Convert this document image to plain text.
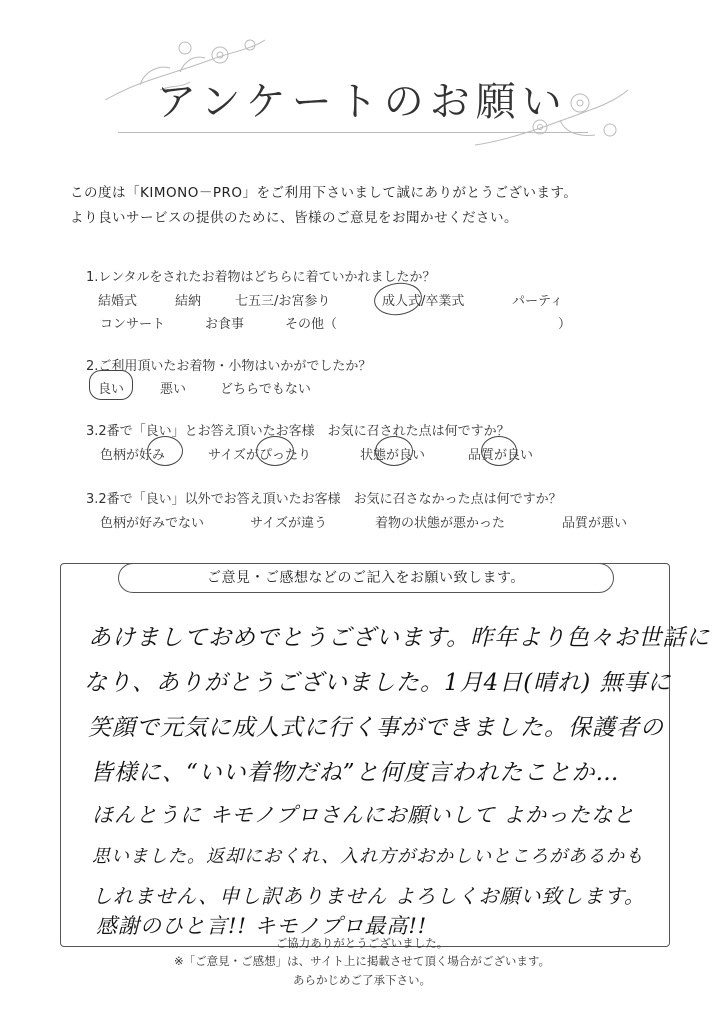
アンケートのお願い
この度は「KIMONO－PRO」をご利用下さいまして誠にありがとうございます。
より良いサービスの提供のために、皆様のご意見をお聞かせください。
1.レンタルをされたお着物はどちらに着ていかれましたか？
結婚式	結納	七五三/お宮参り	成人式/卒業式	パーティ
コンサート	お食事	その他（	）
2.ご利用頂いたお着物・小物はいかがでしたか？
良い	悪い	どちらでもない
3.2番で「良い」とお答え頂いたお客様　お気に召された点は何ですか？
色柄が好み	サイズがぴったり	状態が良い	品質が良い
3.2番で「良い」以外でお答え頂いたお客様　お気に召さなかった点は何ですか？
色柄が好みでない	サイズが違う	着物の状態が悪かった	品質が悪い
ご意見・ご感想などのご記入をお願い致します。
あけましておめでとうございます。昨年より色々お世話に
なり、ありがとうございました。1月4日(晴れ) 無事に
笑顔で元気に成人式に行く事ができました。保護者の
皆様に、“いい着物だね”と何度言われたことか…
ほんとうに キモノプロさんにお願いして よかったなと
思いました。返却におくれ、入れ方がおかしいところがあるかも
しれません、申し訳ありません よろしくお願い致します。
感謝のひと言!! キモノプロ最高!!
ご協力ありがとうございました。
※「ご意見・ご感想」は、サイト上に掲載させて頂く場合がございます。
あらかじめご了承下さい。
